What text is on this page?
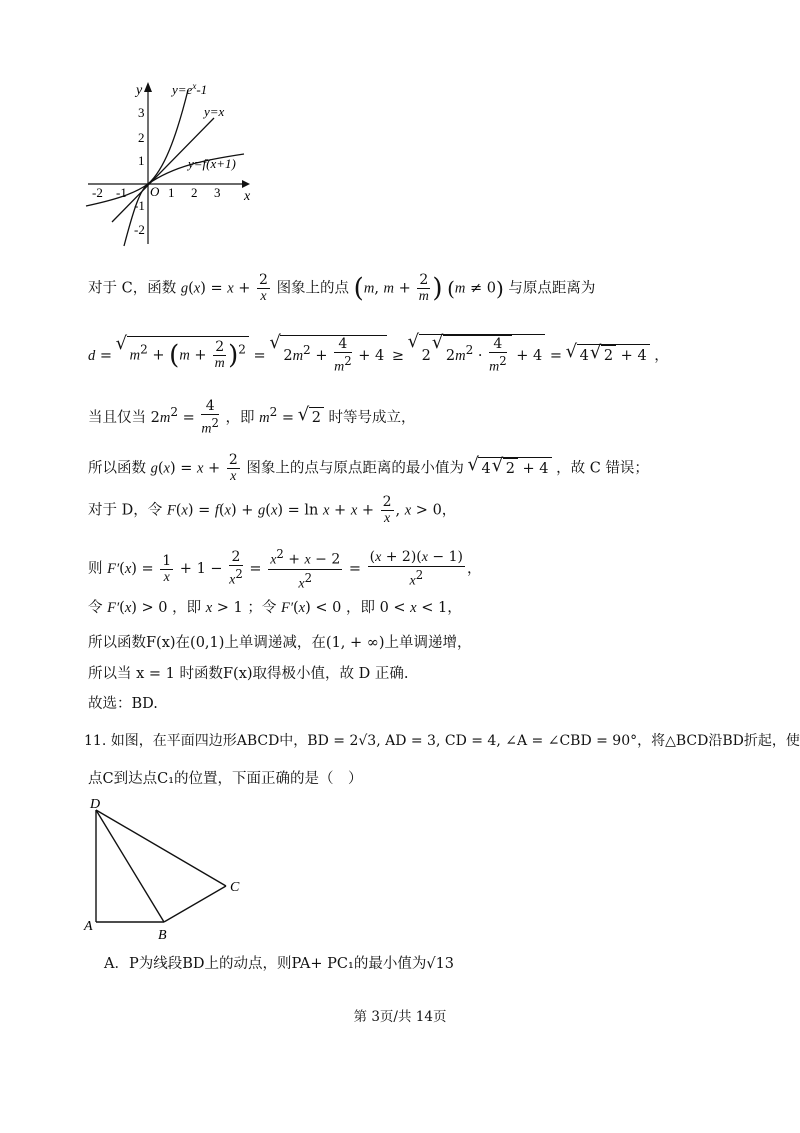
x
y
O
-2 -1	1 2 3
3
2
1
-1
-2
$y=e^x-1$
y=x
y=f(x+1)
对于 C，函数 $g(x) = x + \frac{2}{x}$ 图象上的点 (m, $m + \frac{2}{m}$ ) (m ≠ 0) 与原点距离为
d = √ $m^2 + (m + \frac{2}{m} )^2$ = √ $2m^2 + \frac{4}{m^2} + 4$ ≥ √ 2 √ $2m^2 \cdot \frac{4}{m^2} + 4$ = √ 4 √ 2 + 4 ，
当且仅当 $2m^2 = \frac{4}{m^2}$ ，即 $m^2$ = √ 2 时等号成立，
所以函数 $g(x) = x + \frac{2}{x}$ 图象上的点与原点距离的最小值为 √ 4 √ 2 + 4 ，故 C 错误；
对于 D，令 $F(x) = f(x) + g(x) = \ln x + x + \frac{2}{x}$ , x > 0，
则 $F'(x) = \frac{1}{x} + 1 - \frac{2}{x^2} = \frac{x^2 + x - 2}{x^2} = \frac{(x + 2)(x - 1)}{x^2}$ ，
令 F′(x) > 0 ，即 x > 1 ；令 F′(x) < 0 ，即 0 < x < 1，
所以函数F(x)在(0,1)上单调递减，在(1, + ∞)上单调递增，
所以当 x = 1 时函数F(x)取得极小值，故 D 正确.
故选：BD.
11. 如图，在平面四边形ABCD中，BD = 2√3, AD = 3, CD = 4, ∠A = ∠CBD = 90°，将△BCD沿BD折起，使
点C到达点C₁的位置，下面正确的是（　）
D
A
B
C
A．P为线段BD上的动点，则PA+ PC₁的最小值为√13
第 3页/共 14页
